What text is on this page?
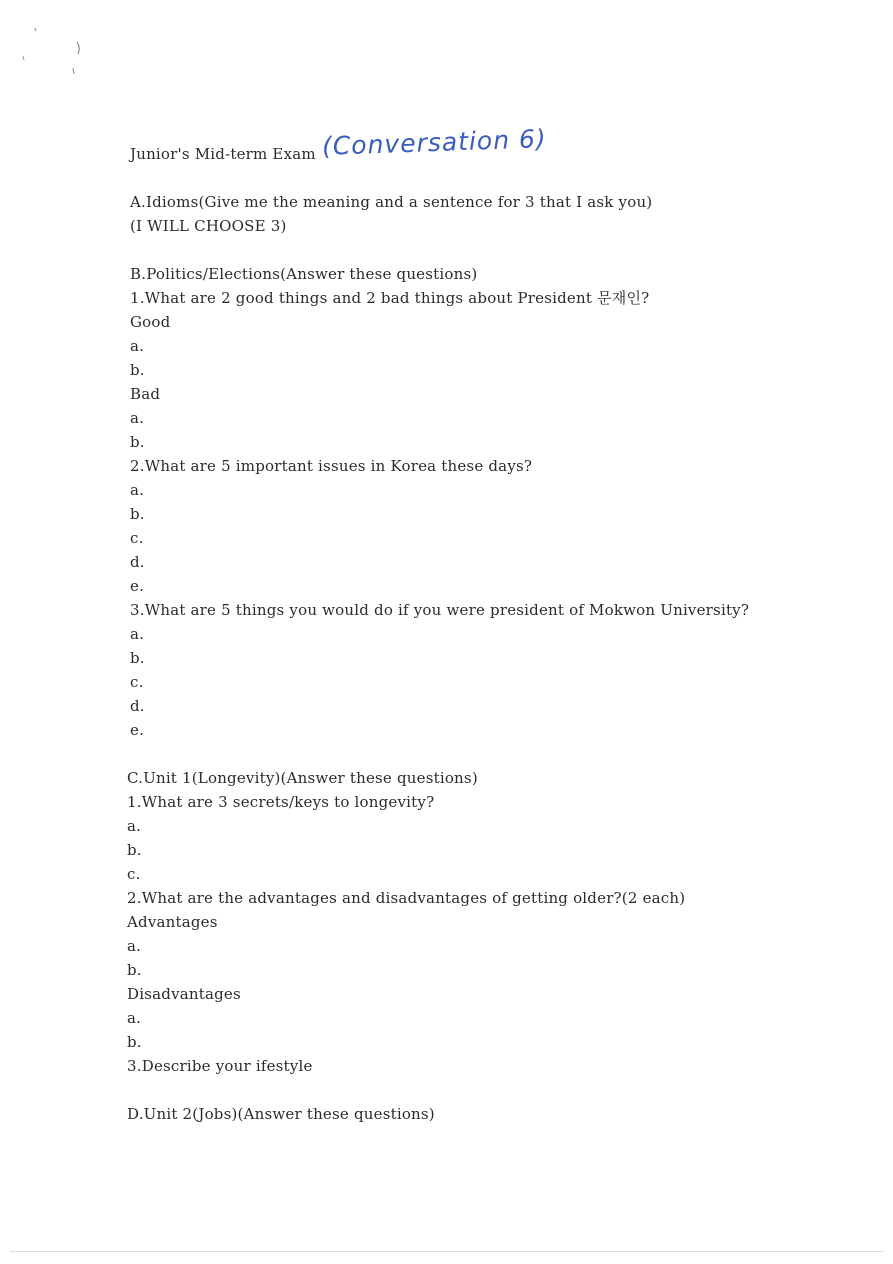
Junior's Mid-term Exam (Conversation 6)
A.Idioms(Give me the meaning and a sentence for 3 that I ask you)
(I WILL CHOOSE 3)
B.Politics/Elections(Answer these questions)
1.What are 2 good things and 2 bad things about President 문재인?
Good
a.
b.
Bad
a.
b.
2.What are 5 important issues in Korea these days?
a.
b.
c.
d.
e.
3.What are 5 things you would do if you were president of Mokwon University?
a.
b.
c.
d.
e.
C.Unit 1(Longevity)(Answer these questions)
1.What are 3 secrets/keys to longevity?
a.
b.
c.
2.What are the advantages and disadvantages of getting older?(2 each)
Advantages
a.
b.
Disadvantages
a.
b.
3.Describe your ifestyle
D.Unit 2(Jobs)(Answer these questions)
